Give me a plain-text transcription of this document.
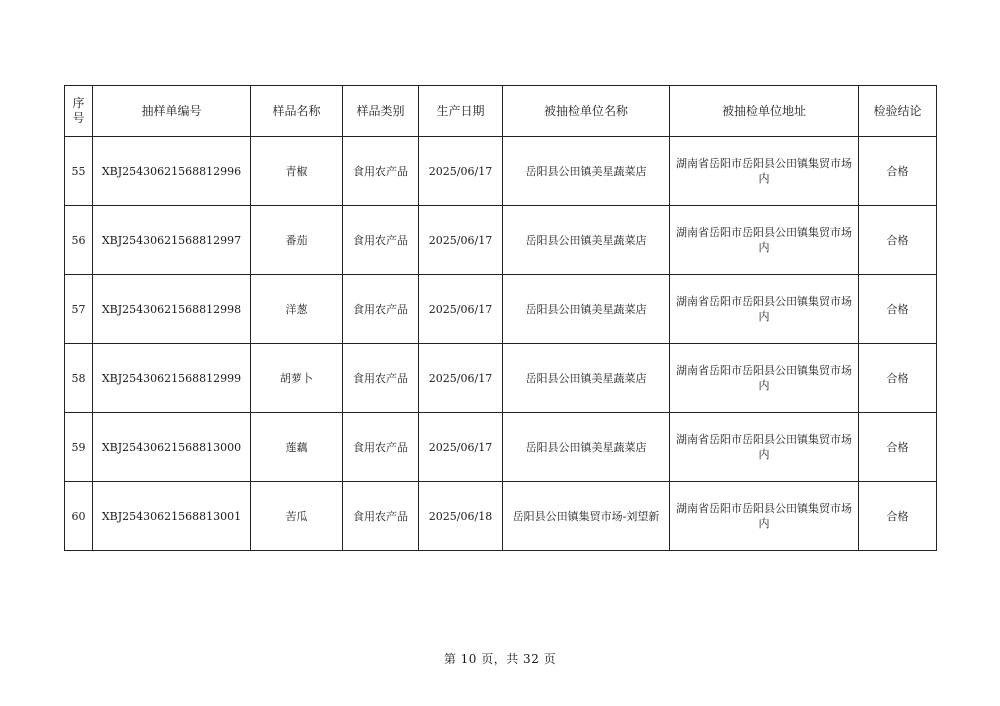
序号	抽样单编号	样品名称	样品类别	生产日期	被抽检单位名称	被抽检单位地址	检验结论
55	XBJ25430621568812996	青椒	食用农产品	2025/06/17	岳阳县公田镇美星蔬菜店	湖南省岳阳市岳阳县公田镇集贸市场内	合格
56	XBJ25430621568812997	番茄	食用农产品	2025/06/17	岳阳县公田镇美星蔬菜店	湖南省岳阳市岳阳县公田镇集贸市场内	合格
57	XBJ25430621568812998	洋葱	食用农产品	2025/06/17	岳阳县公田镇美星蔬菜店	湖南省岳阳市岳阳县公田镇集贸市场内	合格
58	XBJ25430621568812999	胡萝卜	食用农产品	2025/06/17	岳阳县公田镇美星蔬菜店	湖南省岳阳市岳阳县公田镇集贸市场内	合格
59	XBJ25430621568813000	莲藕	食用农产品	2025/06/17	岳阳县公田镇美星蔬菜店	湖南省岳阳市岳阳县公田镇集贸市场内	合格
60	XBJ25430621568813001	苦瓜	食用农产品	2025/06/18	岳阳县公田镇集贸市场-刘望新	湖南省岳阳市岳阳县公田镇集贸市场内	合格
第 10 页，共 32 页
